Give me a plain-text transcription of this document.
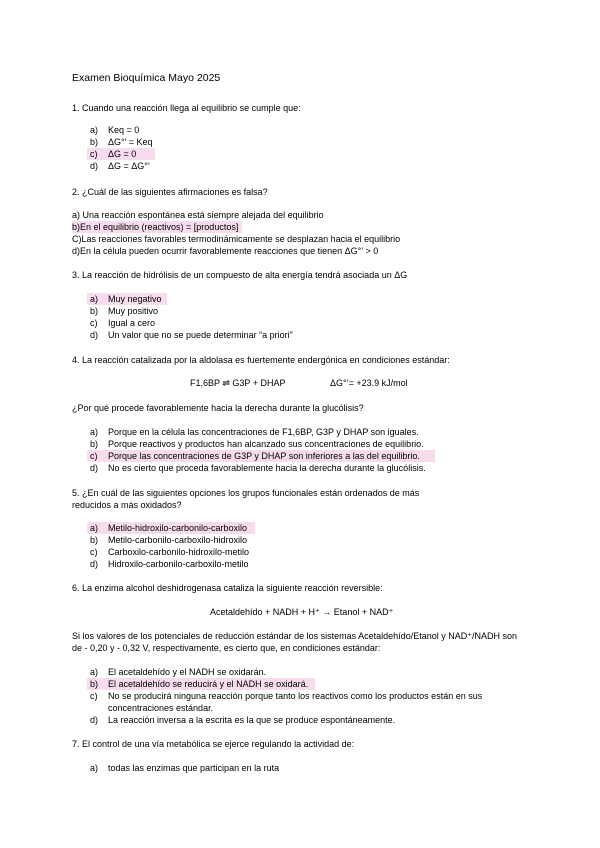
Examen Bioquímica Mayo 2025
1. Cuando una reacción llega al equilibrio se cumple que:
a) Keq = 0
b) ΔG°’ = Keq
c) ΔG = 0
d) ΔG = ΔG°’
2. ¿Cuál de las siguientes afirmaciones es falsa?
a) Una reacción espontánea está siempre alejada del equilibrio
b)En el equilibrio (reactivos) = [productos]
C)Las reacciones favorables termodinámicamente se desplazan hacia el equilibrio
d)En la célula pueden ocurrir favorablemente reacciones que tienen ΔG°’ > 0
3. La reacción de hidrólisis de un compuesto de alta energía tendrá asociada un ΔG
a) Muy negativo
b) Muy positivo
c) Igual a cero
d) Un valor que no se puede determinar “a priori”
4. La reacción catalizada por la aldolasa es fuertemente endergónica en condiciones estándar:
F1,6BP ⇌ G3P + DHAP	ΔG°’= +23.9 kJ/mol
¿Por qué procede favorablemente hacia la derecha durante la glucólisis?
a) Porque en la célula las concentraciones de F1,6BP, G3P y DHAP son iguales.
b) Porque reactivos y productos han alcanzado sus concentraciones de equilibrio.
c) Porque las concentraciones de G3P y DHAP son inferiores a las del equilibrio.
d) No es cierto que proceda favorablemente hacia la derecha durante la glucólisis.
5. ¿En cuál de las siguientes opciones los grupos funcionales están ordenados de más
reducidos a más oxidados?
a) Metilo-hidroxilo-carbonilo-carboxilo
b) Metilo-carbonilo-carboxilo-hidroxilo
c) Carboxilo-carbonilo-hidroxilo-metilo
d) Hidroxilo-carbonilo-carboxilo-metilo
6. La enzima alcohol deshidrogenasa cataliza la siguiente reacción reversible:
Acetaldehído + NADH + H⁺ → Etanol + NAD⁺
Si los valores de los potenciales de reducción estándar de los sistemas Acetaldehído/Etanol y NAD⁺/NADH son
de - 0,20 y - 0,32 V, respectivamente, es cierto que, en condiciones estándar:
a) El acetaldehído y el NADH se oxidarán.
b) El acetaldehído se reducirá y el NADH se oxidará.
c) No se producirá ninguna reacción porque tanto los reactivos como los productos están en sus
concentraciones estándar.
d) La reacción inversa a la escrita es la que se produce espontáneamente.
7. El control de una vía metabólica se ejerce regulando la actividad de:
a) todas las enzimas que participan en la ruta
